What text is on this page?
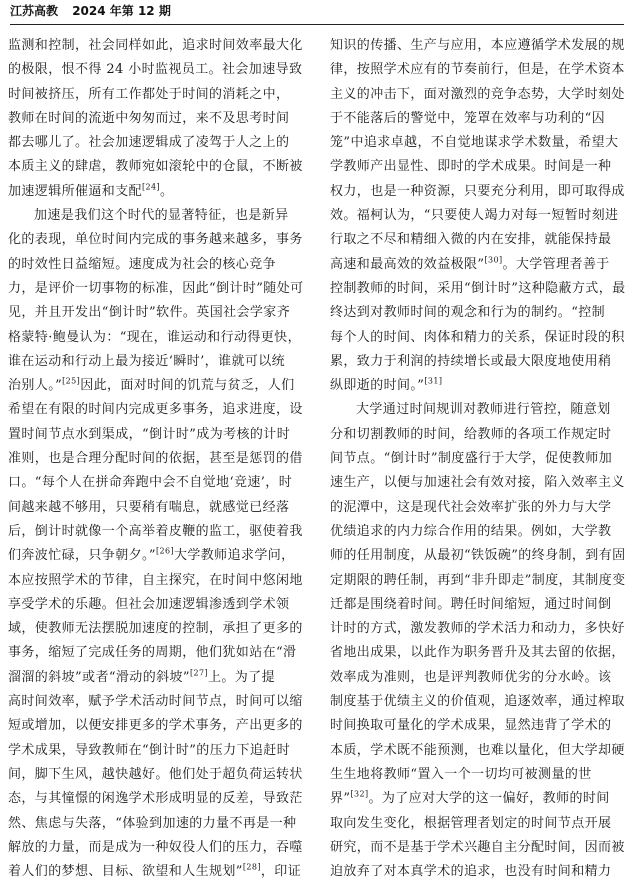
江苏高教 2024 年第 12 期
监测和控制，社会同样如此，追求时间效率最大化
的极限，恨不得 24 小时监视员工。社会加速导致
时间被挤压，所有工作都处于时间的消耗之中，
教师在时间的流逝中匆匆而过，来不及思考时间
都去哪儿了。社会加速逻辑成了凌驾于人之上的
本质主义的肆虐，教师宛如滚轮中的仓鼠，不断被
加速逻辑所催逼和支配[24]。
加速是我们这个时代的显著特征，也是新异
化的表现，单位时间内完成的事务越来越多，事务
的时效性日益缩短。速度成为社会的核心竞争
力，是评价一切事物的标准，因此“倒计时”随处可
见，并且开发出“倒计时”软件。英国社会学家齐
格蒙特·鲍曼认为：“现在，谁运动和行动得更快，
谁在运动和行动上最为接近‘瞬时’，谁就可以统
治别人。”[25]因此，面对时间的饥荒与贫乏，人们
希望在有限的时间内完成更多事务，追求进度，设
置时间节点水到渠成，“倒计时”成为考核的计时
准则，也是合理分配时间的依据，甚至是惩罚的借
口。“每个人在拼命奔跑中会不自觉地‘竞速’，时
间越来越不够用，只要稍有喘息，就感觉已经落
后，倒计时就像一个高举着皮鞭的监工，驱使着我
们奔波忙碌，只争朝夕。”[26]大学教师追求学问，
本应按照学术的节律，自主探究，在时间中悠闲地
享受学术的乐趣。但社会加速逻辑渗透到学术领
域，使教师无法摆脱加速度的控制，承担了更多的
事务，缩短了完成任务的周期，他们犹如站在“滑
溜溜的斜坡”或者“滑动的斜坡”[27]上。为了提
高时间效率，赋予学术活动时间节点，时间可以缩
短或增加，以便安排更多的学术事务，产出更多的
学术成果，导致教师在“倒计时”的压力下追赶时
间，脚下生风，越快越好。他们处于超负荷运转状
态，与其憧憬的闲逸学术形成明显的反差，导致茫
然、焦虑与失落，“体验到加速的力量不再是一种
解放的力量，而是成为一种奴役人们的压力，吞噬
着人们的梦想、目标、欲望和人生规划”[28]，印证
知识的传播、生产与应用，本应遵循学术发展的规
律，按照学术应有的节奏前行，但是，在学术资本
主义的冲击下，面对激烈的竞争态势，大学时刻处
于不能落后的警觉中，笼罩在效率与功利的“囚
笼”中追求卓越，不自觉地谋求学术数量，希望大
学教师产出显性、即时的学术成果。时间是一种
权力，也是一种资源，只要充分利用，即可取得成
效。福柯认为，“只要使人竭力对每一短暂时刻进
行取之不尽和精细入微的内在安排，就能保持最
高速和最高效的效益极限”[30]。大学管理者善于
控制教师的时间，采用“倒计时”这种隐蔽方式，最
终达到对教师时间的观念和行为的制约。“控制
每个人的时间、肉体和精力的关系，保证时段的积
累，致力于利润的持续增长或最大限度地使用稍
纵即逝的时间。”[31]
大学通过时间规训对教师进行管控，随意划
分和切割教师的时间，给教师的各项工作规定时
间节点。“倒计时”制度盛行于大学，促使教师加
速生产，以便与加速社会有效对接，陷入效率主义
的泥潭中，这是现代社会效率扩张的外力与大学
优绩追求的内力综合作用的结果。例如，大学教
师的任用制度，从最初“铁饭碗”的终身制，到有固
定期限的聘任制，再到“非升即走”制度，其制度变
迁都是围绕着时间。聘任时间缩短，通过时间倒
计时的方式，激发教师的学术活力和动力，多快好
省地出成果，以此作为职务晋升及其去留的依据，
效率成为准则，也是评判教师优劣的分水岭。该
制度基于优绩主义的价值观，追逐效率，通过榨取
时间换取可量化的学术成果，显然违背了学术的
本质，学术既不能预测，也难以量化，但大学却硬
生生地将教师“置入一个一切均可被测量的世
界”[32]。为了应对大学的这一偏好，教师的时间
取向发生变化，根据管理者划定的时间节点开展
研究，而不是基于学术兴趣自主分配时间，因而被
迫放弃了对本真学术的追求，也没有时间和精力
